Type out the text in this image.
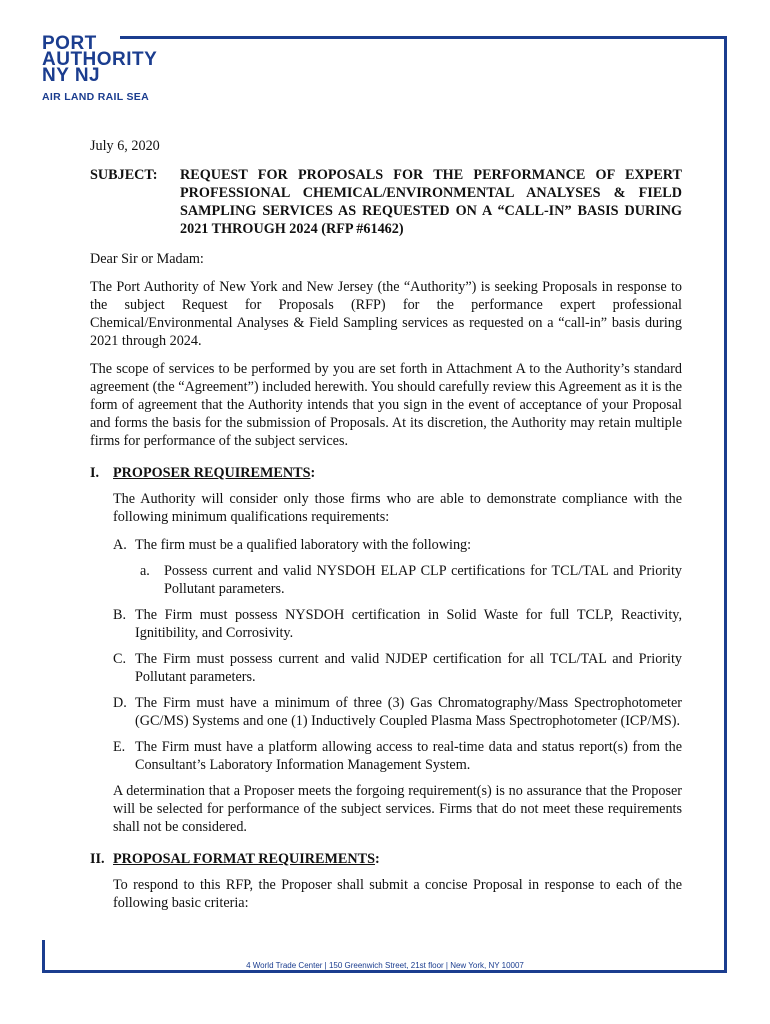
PORT
AUTHORITY
NY NJ
AIR LAND RAIL SEA
July 6, 2020
SUBJECT:	REQUEST FOR PROPOSALS FOR THE PERFORMANCE OF EXPERT PROFESSIONAL CHEMICAL/ENVIRONMENTAL ANALYSES & FIELD SAMPLING SERVICES AS REQUESTED ON A “CALL-IN” BASIS DURING 2021 THROUGH 2024 (RFP #61462)

Dear Sir or Madam:

The Port Authority of New York and New Jersey (the “Authority”) is seeking Proposals in response to the subject Request for Proposals (RFP) for the performance expert professional Chemical/Environmental Analyses & Field Sampling services as requested on a “call-in” basis during 2021 through 2024.

The scope of services to be performed by you are set forth in Attachment A to the Authority’s standard agreement (the “Agreement”) included herewith. You should carefully review this Agreement as it is the form of agreement that the Authority intends that you sign in the event of acceptance of your Proposal and forms the basis for the submission of Proposals. At its discretion, the Authority may retain multiple firms for performance of the subject services.

I. PROPOSER REQUIREMENTS:

The Authority will consider only those firms who are able to demonstrate compliance with the following minimum qualifications requirements:

A. The firm must be a qualified laboratory with the following:
a. Possess current and valid NYSDOH ELAP CLP certifications for TCL/TAL and Priority Pollutant parameters.
B. The Firm must possess NYSDOH certification in Solid Waste for full TCLP, Reactivity, Ignitibility, and Corrosivity.
C. The Firm must possess current and valid NJDEP certification for all TCL/TAL and Priority Pollutant parameters.
D. The Firm must have a minimum of three (3) Gas Chromatography/Mass Spectrophotometer (GC/MS) Systems and one (1) Inductively Coupled Plasma Mass Spectrophotometer (ICP/MS).
E. The Firm must have a platform allowing access to real-time data and status report(s) from the Consultant’s Laboratory Information Management System.

A determination that a Proposer meets the forgoing requirement(s) is no assurance that the Proposer will be selected for performance of the subject services. Firms that do not meet these requirements shall not be considered.

II. PROPOSAL FORMAT REQUIREMENTS:

To respond to this RFP, the Proposer shall submit a concise Proposal in response to each of the following basic criteria:

4 World Trade Center | 150 Greenwich Street, 21st floor | New York, NY 10007
